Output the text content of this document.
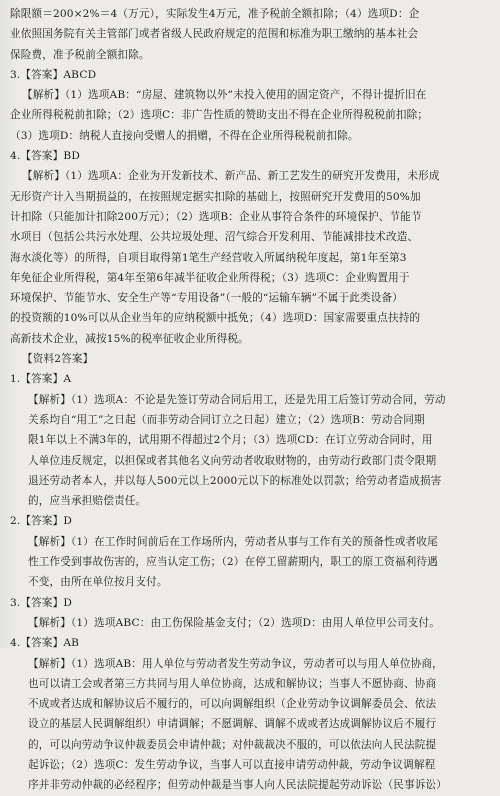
除限额＝200×2%＝4（万元），实际发生4万元，准予税前全额扣除；（4）选项D：企
业依照国务院有关主管部门或者省级人民政府规定的范围和标准为职工缴纳的基本社会
保险费，准予税前全额扣除。
3.【答案】ABCD
【解析】（1）选项AB：“房屋、建筑物以外”未投入使用的固定资产，不得计提折旧在
企业所得税税前扣除；（2）选项C：非广告性质的赞助支出不得在企业所得税税前扣除；
（3）选项D：纳税人直接向受赠人的捐赠，不得在企业所得税税前扣除。
4.【答案】BD
【解析】（1）选项A：企业为开发新技术、新产品、新工艺发生的研究开发费用，未形成
无形资产计入当期损益的，在按照规定据实扣除的基础上，按照研究开发费用的50%加
计扣除（只能加计扣除200万元）；（2）选项B：企业从事符合条件的环境保护、节能节
水项目（包括公共污水处理、公共垃圾处理、沼气综合开发利用、节能减排技术改造、
海水淡化等）的所得，自项目取得第1笔生产经营收入所属纳税年度起，第1年至第3
年免征企业所得税，第4年至第6年减半征收企业所得税；（3）选项C：企业购置用于
环境保护、节能节水、安全生产等“专用设备”（一般的“运输车辆”不属于此类设备）
的投资额的10%可以从企业当年的应纳税额中抵免；（4）选项D：国家需要重点扶持的
高新技术企业，减按15%的税率征收企业所得税。
【资料2答案】
1.【答案】A
【解析】（1）选项A：不论是先签订劳动合同后用工，还是先用工后签订劳动合同，劳动
关系均自“用工”之日起（而非劳动合同订立之日起）建立；（2）选项B：劳动合同期
限1年以上不满3年的，试用期不得超过2个月；（3）选项CD：在订立劳动合同时，用
人单位违反规定，以担保或者其他名义向劳动者收取财物的，由劳动行政部门责令限期
退还劳动者本人，并以每人500元以上2000元以下的标准处以罚款；给劳动者造成损害
的，应当承担赔偿责任。
2.【答案】D
【解析】（1）在工作时间前后在工作场所内，劳动者从事与工作有关的预备性或者收尾
性工作受到事故伤害的，应当认定工伤；（2）在停工留薪期内，职工的原工资福利待遇
不变，由所在单位按月支付。
3.【答案】D
【解析】（1）选项ABC：由工伤保险基金支付；（2）选项D：由用人单位甲公司支付。
4.【答案】AB
【解析】（1）选项AB：用人单位与劳动者发生劳动争议，劳动者可以与用人单位协商，
也可以请工会或者第三方共同与用人单位协商，达成和解协议；当事人不愿协商、协商
不成或者达成和解协议后不履行的，可以向调解组织（企业劳动争议调解委员会、依法
设立的基层人民调解组织）申请调解；不愿调解、调解不成或者达成调解协议后不履行
的，可以向劳动争议仲裁委员会申请仲裁；对仲裁裁决不服的，可以依法向人民法院提
起诉讼；（2）选项C：发生劳动争议，当事人可以直接申请劳动仲裁，劳动争议调解程
序并非劳动仲裁的必经程序；但劳动仲裁是当事人向人民法院提起劳动诉讼（民事诉讼）
